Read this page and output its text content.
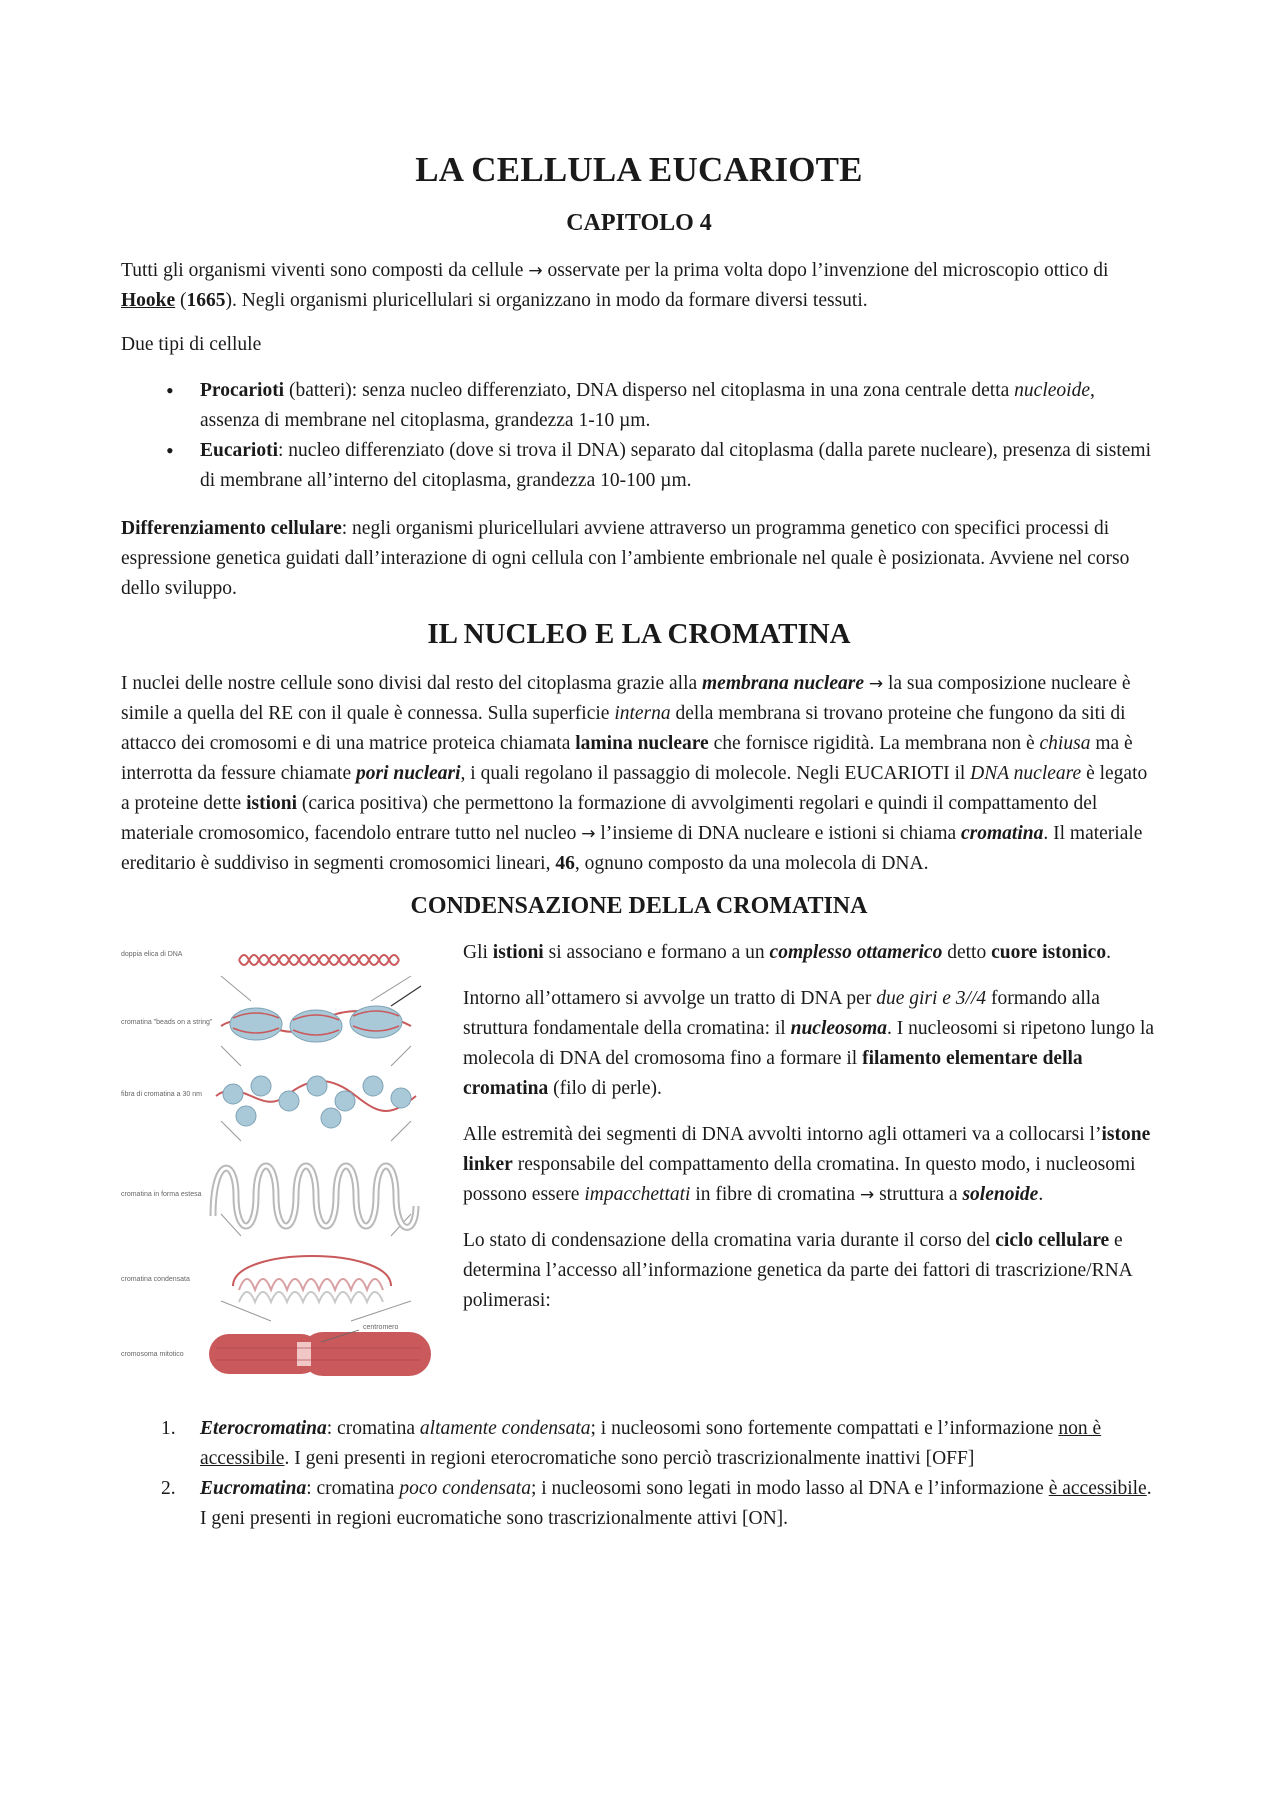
LA CELLULA EUCARIOTE
CAPITOLO 4

Tutti gli organismi viventi sono composti da cellule → osservate per la prima volta dopo l’invenzione del microscopio ottico di Hooke (1665). Negli organismi pluricellulari si organizzano in modo da formare diversi tessuti.

Due tipi di cellule

• Procarioti (batteri): senza nucleo differenziato, DNA disperso nel citoplasma in una zona centrale detta nucleoide, assenza di membrane nel citoplasma, grandezza 1-10 µm.
• Eucarioti: nucleo differenziato (dove si trova il DNA) separato dal citoplasma (dalla parete nucleare), presenza di sistemi di membrane all’interno del citoplasma, grandezza 10-100 µm.

Differenziamento cellulare: negli organismi pluricellulari avviene attraverso un programma genetico con specifici processi di espressione genetica guidati dall’interazione di ogni cellula con l’ambiente embrionale nel quale è posizionata. Avviene nel corso dello sviluppo.

IL NUCLEO E LA CROMATINA

I nuclei delle nostre cellule sono divisi dal resto del citoplasma grazie alla membrana nucleare → la sua composizione nucleare è simile a quella del RE con il quale è connessa. Sulla superficie interna della membrana si trovano proteine che fungono da siti di attacco dei cromosomi e di una matrice proteica chiamata lamina nucleare che fornisce rigidità. La membrana non è chiusa ma è interrotta da fessure chiamate pori nucleari, i quali regolano il passaggio di molecole. Negli EUCARIOTI il DNA nucleare è legato a proteine dette istioni (carica positiva) che permettono la formazione di avvolgimenti regolari e quindi il compattamento del materiale cromosomico, facendolo entrare tutto nel nucleo → l’insieme di DNA nucleare e istioni si chiama cromatina. Il materiale ereditario è suddiviso in segmenti cromosomici lineari, 46, ognuno composto da una molecola di DNA.

CONDENSAZIONE DELLA CROMATINA
doppia elica di DNA
cromatina "beads on a string"
fibra di cromatina a 30 nm
cromatina in forma estesa
cromatina condensata
cromosoma mitotico
centromero

Gli istioni si associano e formano a un complesso ottamerico detto cuore istonico.

Intorno all’ottamero si avvolge un tratto di DNA per due giri e 3//4 formando alla struttura fondamentale della cromatina: il nucleosoma. I nucleosomi si ripetono lungo la molecola di DNA del cromosoma fino a formare il filamento elementare della cromatina (filo di perle).

Alle estremità dei segmenti di DNA avvolti intorno agli ottameri va a collocarsi l’istone linker responsabile del compattamento della cromatina. In questo modo, i nucleosomi possono essere impacchettati in fibre di cromatina → struttura a solenoide.

Lo stato di condensazione della cromatina varia durante il corso del ciclo cellulare e determina l’accesso all’informazione genetica da parte dei fattori di trascrizione/RNA polimerasi:

1. Eterocromatina: cromatina altamente condensata; i nucleosomi sono fortemente compattati e l’informazione non è accessibile. I geni presenti in regioni eterocromatiche sono perciò trascrizionalmente inattivi [OFF]
2. Eucromatina: cromatina poco condensata; i nucleosomi sono legati in modo lasso al DNA e l’informazione è accessibile. I geni presenti in regioni eucromatiche sono trascrizionalmente attivi [ON].
